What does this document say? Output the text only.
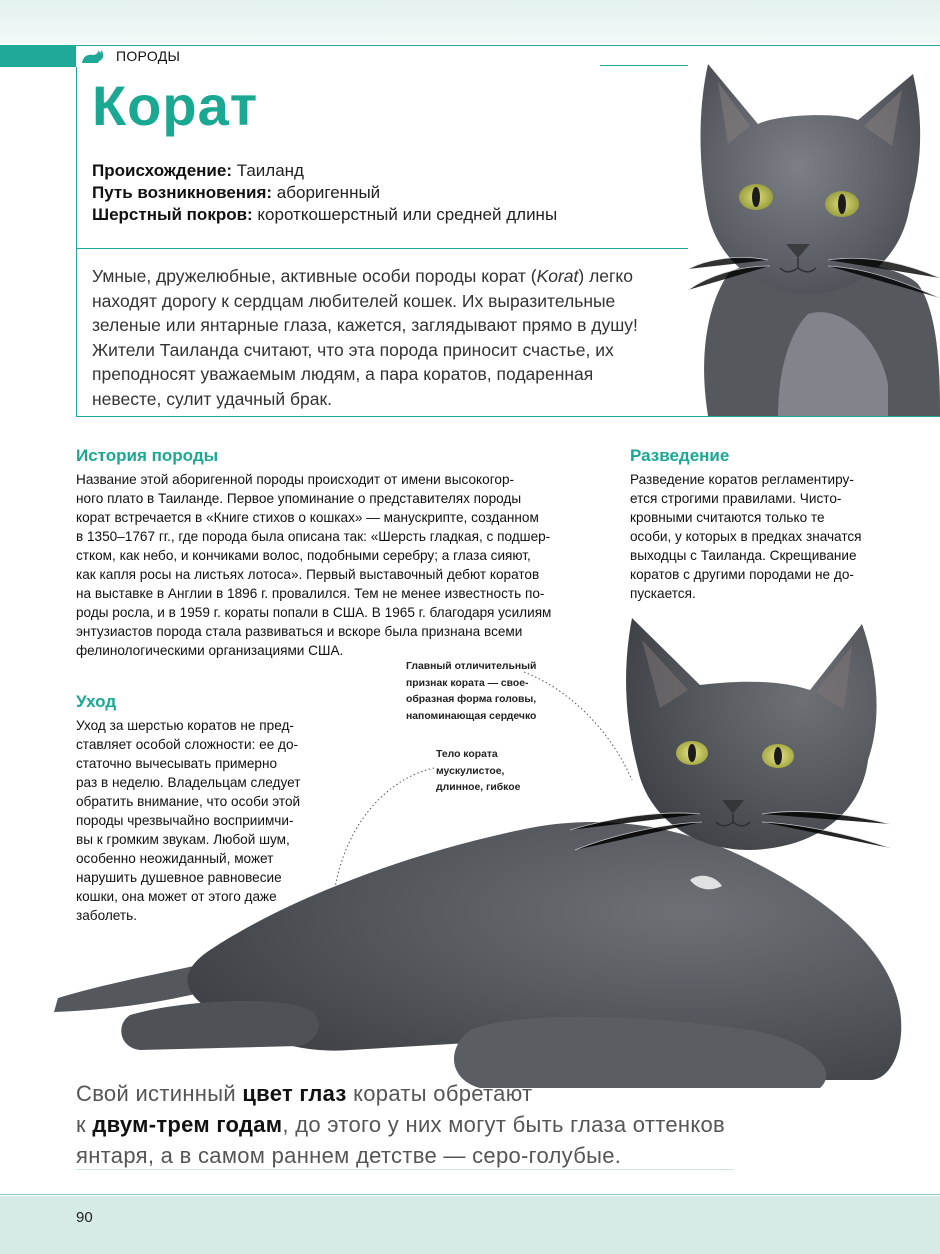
ПОРОДЫ
Корат
Происхождение: Таиланд
Путь возникновения: аборигенный
Шерстный покров: короткошерстный или средней длины
Умные, дружелюбные, активные особи породы корат (Korat) легко
находят дорогу к сердцам любителей кошек. Их выразительные
зеленые или янтарные глаза, кажется, заглядывают прямо в душу!
Жители Таиланда считают, что эта порода приносит счастье, их
преподносят уважаемым людям, а пара коратов, подаренная
невесте, сулит удачный брак.
История породы
Название этой аборигенной породы происходит от имени высокогор-
ного плато в Таиланде. Первое упоминание о представителях породы
корат встречается в «Книге стихов о кошках» — манускрипте, созданном
в 1350–1767 гг., где порода была описана так: «Шерсть гладкая, с подшер-
стком, как небо, и кончиками волос, подобными серебру; а глаза сияют,
как капля росы на листьях лотоса». Первый выставочный дебют коратов
на выставке в Англии в 1896 г. провалился. Тем не менее известность по-
роды росла, и в 1959 г. кораты попали в США. В 1965 г. благодаря усилиям
энтузиастов порода стала развиваться и вскоре была признана всеми
фелинологическими организациями США.
Разведение
Разведение коратов регламентиру-
ется строгими правилами. Чисто-
кровными считаются только те
особи, у которых в предках значатся
выходцы с Таиланда. Скрещивание
коратов с другими породами не до-
пускается.
Главный отличительный
признак кората — свое-
образная форма головы,
напоминающая сердечко
Тело кората мускулистое,
длинное, гибкое
Уход
Уход за шерстью коратов не пред-
ставляет особой сложности: ее до-
статочно вычесывать примерно
раз в неделю. Владельцам следует
обратить внимание, что особи этой
породы чрезвычайно восприимчи-
вы к громким звукам. Любой шум,
особенно неожиданный, может
нарушить душевное равновесие
кошки, она может от этого даже
заболеть.
Свой истинный цвет глаз кораты обретают
к двум-трем годам, до этого у них могут быть глаза оттенков
янтаря, а в самом раннем детстве — серо-голубые.
90
